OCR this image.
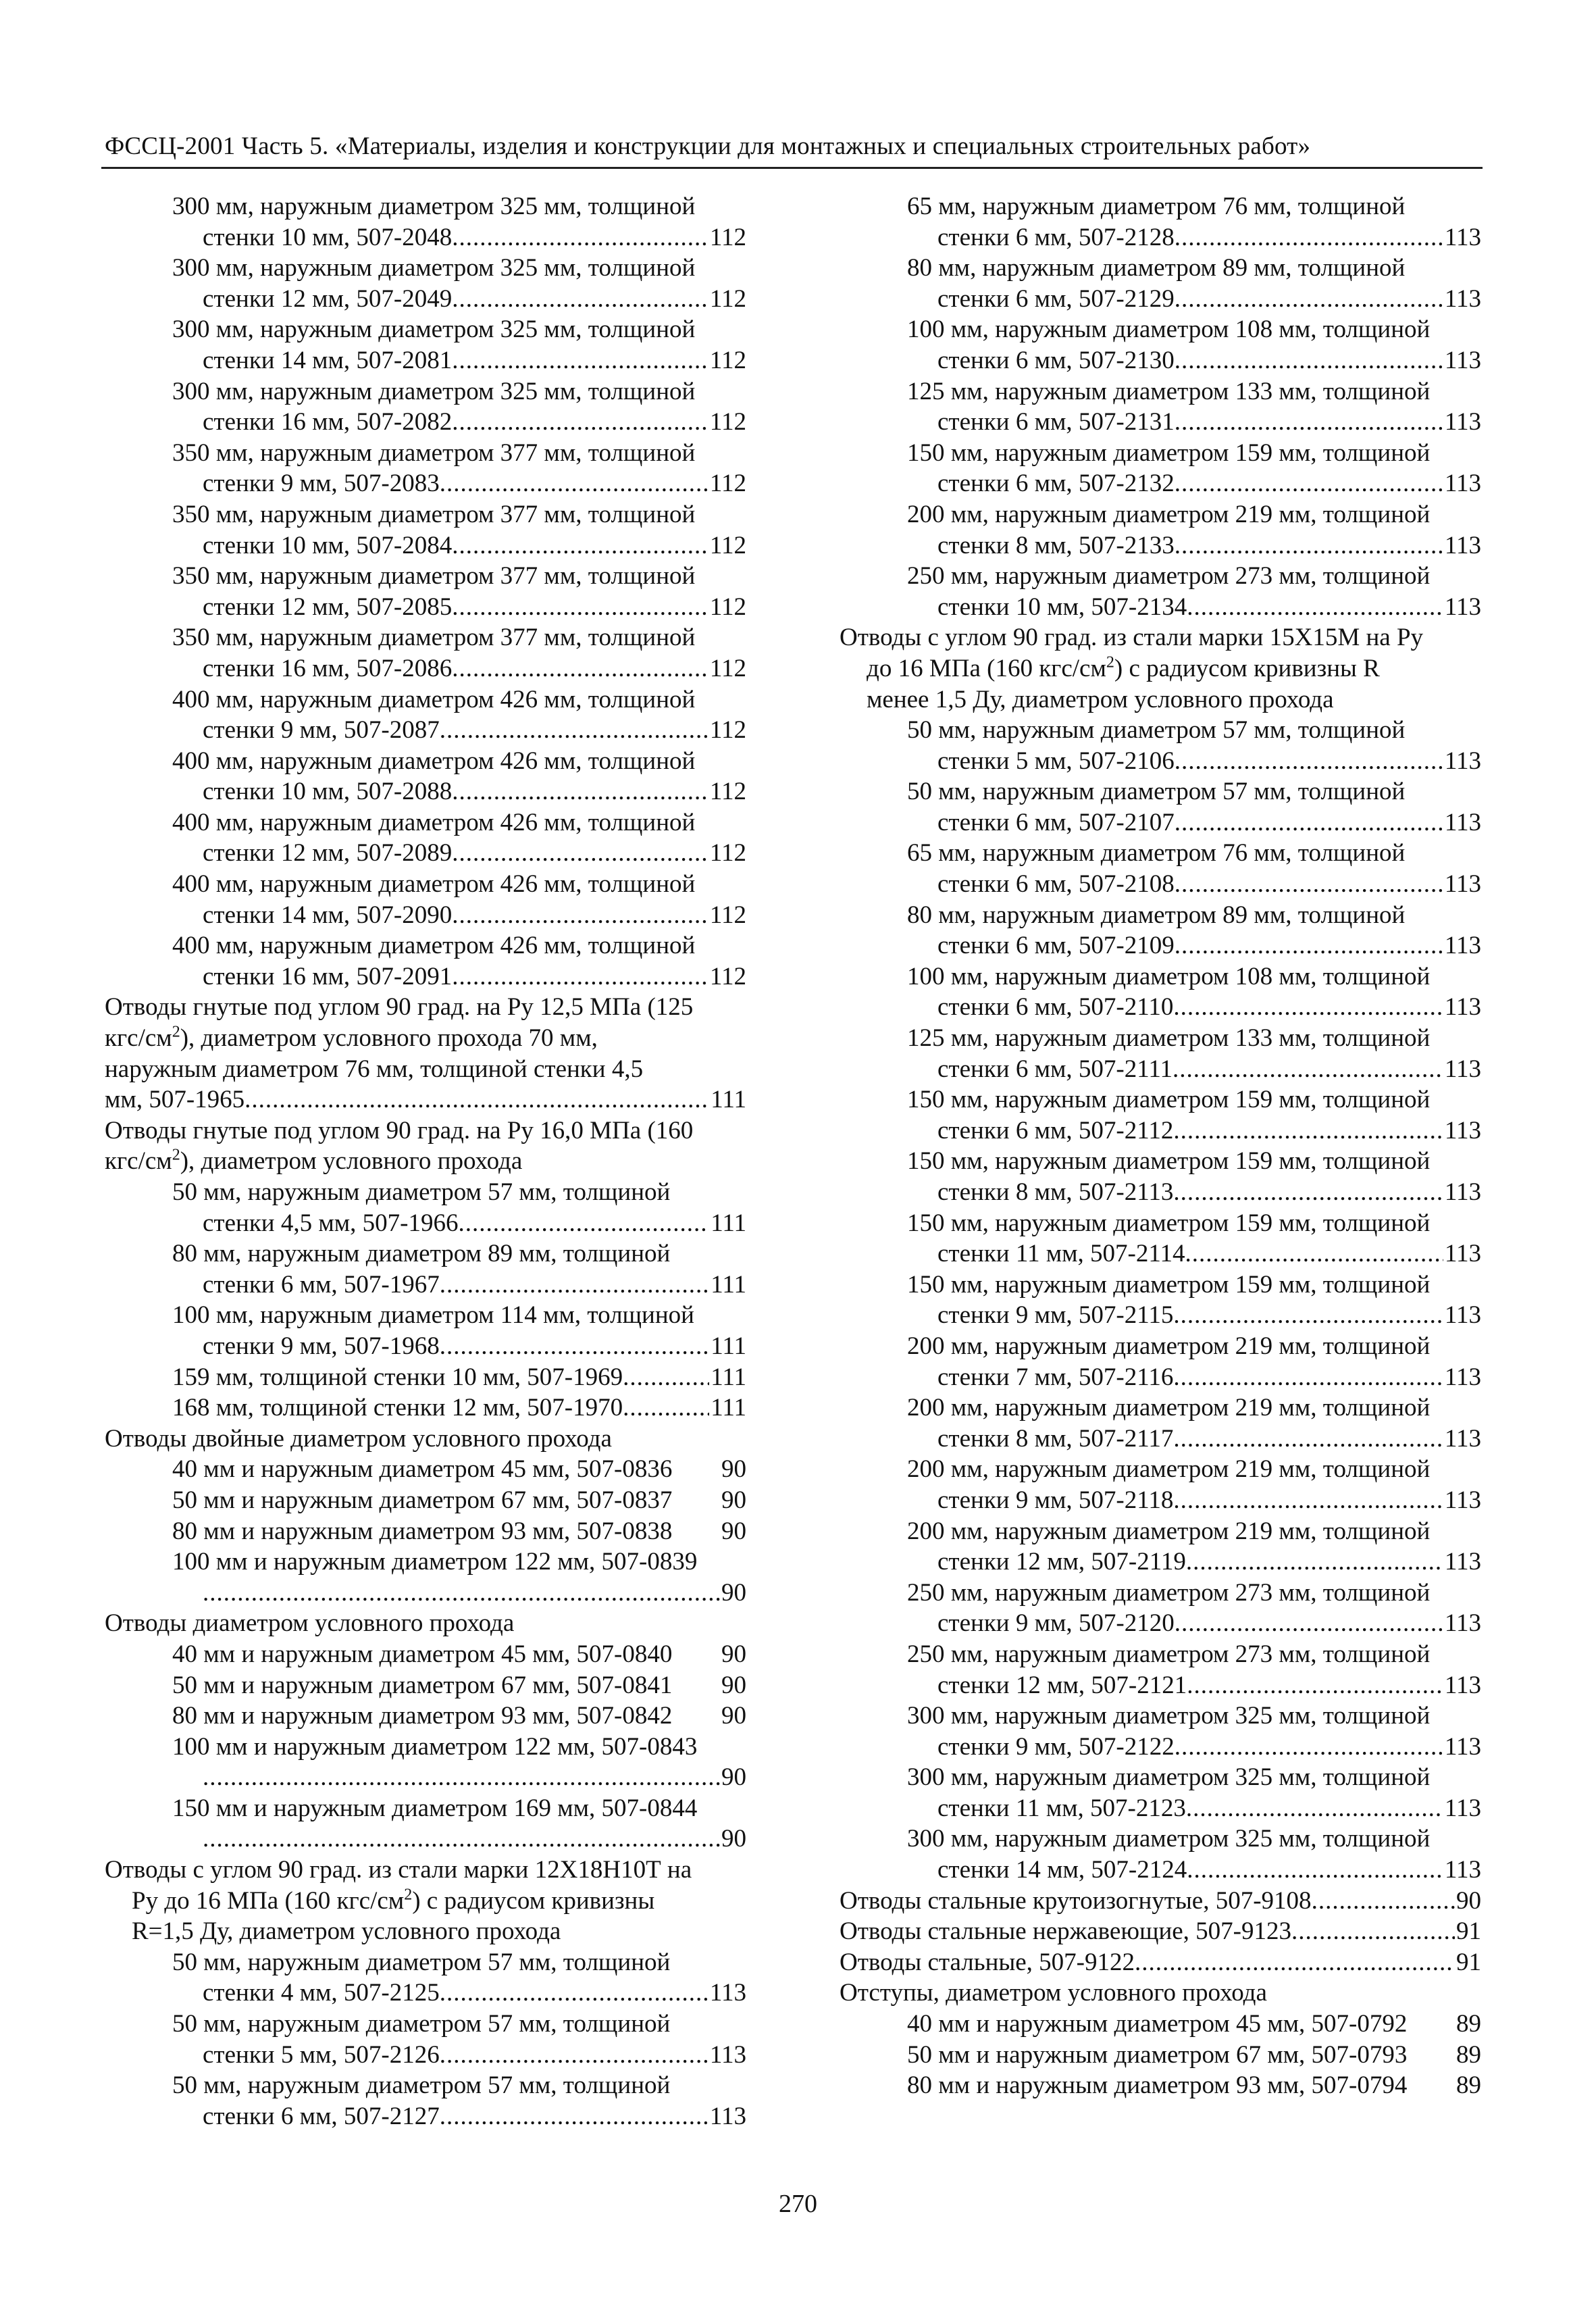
ФССЦ-2001 Часть 5. «Материалы, изделия и конструкции для монтажных и специальных строительных работ»
300 мм, наружным диаметром 325 мм, толщиной
стенки 10 мм, 507-2048 .....	112
300 мм, наружным диаметром 325 мм, толщиной
стенки 12 мм, 507-2049 .....	112
300 мм, наружным диаметром 325 мм, толщиной
стенки 14 мм, 507-2081 .....	112
300 мм, наружным диаметром 325 мм, толщиной
стенки 16 мм, 507-2082 .....	112
350 мм, наружным диаметром 377 мм, толщиной
стенки 9 мм, 507-2083 .....	112
350 мм, наружным диаметром 377 мм, толщиной
стенки 10 мм, 507-2084 .....	112
350 мм, наружным диаметром 377 мм, толщиной
стенки 12 мм, 507-2085 .....	112
350 мм, наружным диаметром 377 мм, толщиной
стенки 16 мм, 507-2086 .....	112
400 мм, наружным диаметром 426 мм, толщиной
стенки 9 мм, 507-2087 .....	112
400 мм, наружным диаметром 426 мм, толщиной
стенки 10 мм, 507-2088 .....	112
400 мм, наружным диаметром 426 мм, толщиной
стенки 12 мм, 507-2089 .....	112
400 мм, наружным диаметром 426 мм, толщиной
стенки 14 мм, 507-2090 .....	112
400 мм, наружным диаметром 426 мм, толщиной
стенки 16 мм, 507-2091 .....	112
Отводы гнутые под углом 90 град. на Ру 12,5 МПа (125
кгс/$см^2$), диаметром условного прохода 70 мм,
наружным диаметром 76 мм, толщиной стенки 4,5
мм, 507-1965 .....	111
Отводы гнутые под углом 90 град. на Ру 16,0 МПа (160
кгс/$см^2$), диаметром условного прохода
50 мм, наружным диаметром 57 мм, толщиной
стенки 4,5 мм, 507-1966 .....	111
80 мм, наружным диаметром 89 мм, толщиной
стенки 6 мм, 507-1967 .....	111
100 мм, наружным диаметром 114 мм, толщиной
стенки 9 мм, 507-1968 .....	111
159 мм, толщиной стенки 10 мм, 507-1969 .....	111
168 мм, толщиной стенки 12 мм, 507-1970 .....	111
Отводы двойные диаметром условного прохода
40 мм и наружным диаметром 45 мм, 507-0836 90
50 мм и наружным диаметром 67 мм, 507-0837 90
80 мм и наружным диаметром 93 мм, 507-0838 90
100 мм и наружным диаметром 122 мм, 507-0839
.....
90
Отводы диаметром условного прохода
40 мм и наружным диаметром 45 мм, 507-0840 90
50 мм и наружным диаметром 67 мм, 507-0841 90
80 мм и наружным диаметром 93 мм, 507-0842 90
100 мм и наружным диаметром 122 мм, 507-0843
.....
90
150 мм и наружным диаметром 169 мм, 507-0844
.....
90
Отводы с углом 90 град. из стали марки 12Х18Н10Т на
Ру до 16 МПа (160 кгс/$см^2$) с радиусом кривизны
R=1,5 Ду, диаметром условного прохода
50 мм, наружным диаметром 57 мм, толщиной
стенки 4 мм, 507-2125 .....	113
50 мм, наружным диаметром 57 мм, толщиной
стенки 5 мм, 507-2126 .....	113
50 мм, наружным диаметром 57 мм, толщиной
стенки 6 мм, 507-2127 .....	113
65 мм, наружным диаметром 76 мм, толщиной
стенки 6 мм, 507-2128 .....	113
80 мм, наружным диаметром 89 мм, толщиной
стенки 6 мм, 507-2129 .....	113
100 мм, наружным диаметром 108 мм, толщиной
стенки 6 мм, 507-2130 .....	113
125 мм, наружным диаметром 133 мм, толщиной
стенки 6 мм, 507-2131 .....	113
150 мм, наружным диаметром 159 мм, толщиной
стенки 6 мм, 507-2132 .....	113
200 мм, наружным диаметром 219 мм, толщиной
стенки 8 мм, 507-2133 .....	113
250 мм, наружным диаметром 273 мм, толщиной
стенки 10 мм, 507-2134 .....	113
Отводы с углом 90 град. из стали марки 15Х15М на Ру
до 16 МПа (160 кгс/$см^2$) с радиусом кривизны R
менее 1,5 Ду, диаметром условного прохода
50 мм, наружным диаметром 57 мм, толщиной
стенки 5 мм, 507-2106 .....	113
50 мм, наружным диаметром 57 мм, толщиной
стенки 6 мм, 507-2107 .....	113
65 мм, наружным диаметром 76 мм, толщиной
стенки 6 мм, 507-2108 .....	113
80 мм, наружным диаметром 89 мм, толщиной
стенки 6 мм, 507-2109 .....	113
100 мм, наружным диаметром 108 мм, толщиной
стенки 6 мм, 507-2110 .....	113
125 мм, наружным диаметром 133 мм, толщиной
стенки 6 мм, 507-2111 .....	113
150 мм, наружным диаметром 159 мм, толщиной
стенки 6 мм, 507-2112 .....	113
150 мм, наружным диаметром 159 мм, толщиной
стенки 8 мм, 507-2113 .....	113
150 мм, наружным диаметром 159 мм, толщиной
стенки 11 мм, 507-2114 .....	113
150 мм, наружным диаметром 159 мм, толщиной
стенки 9 мм, 507-2115 .....	113
200 мм, наружным диаметром 219 мм, толщиной
стенки 7 мм, 507-2116 .....	113
200 мм, наружным диаметром 219 мм, толщиной
стенки 8 мм, 507-2117 .....	113
200 мм, наружным диаметром 219 мм, толщиной
стенки 9 мм, 507-2118 .....	113
200 мм, наружным диаметром 219 мм, толщиной
стенки 12 мм, 507-2119 .....	113
250 мм, наружным диаметром 273 мм, толщиной
стенки 9 мм, 507-2120 .....	113
250 мм, наружным диаметром 273 мм, толщиной
стенки 12 мм, 507-2121 .....	113
300 мм, наружным диаметром 325 мм, толщиной
стенки 9 мм, 507-2122 .....	113
300 мм, наружным диаметром 325 мм, толщиной
стенки 11 мм, 507-2123 .....	113
300 мм, наружным диаметром 325 мм, толщиной
стенки 14 мм, 507-2124 .....	113
Отводы стальные крутоизогнутые, 507-9108 .....	90
Отводы стальные нержавеющие, 507-9123 .....	91
Отводы стальные, 507-9122 .....	91
Отступы, диаметром условного прохода
40 мм и наружным диаметром 45 мм, 507-0792 89
50 мм и наружным диаметром 67 мм, 507-0793 89
80 мм и наружным диаметром 93 мм, 507-0794 89
270
